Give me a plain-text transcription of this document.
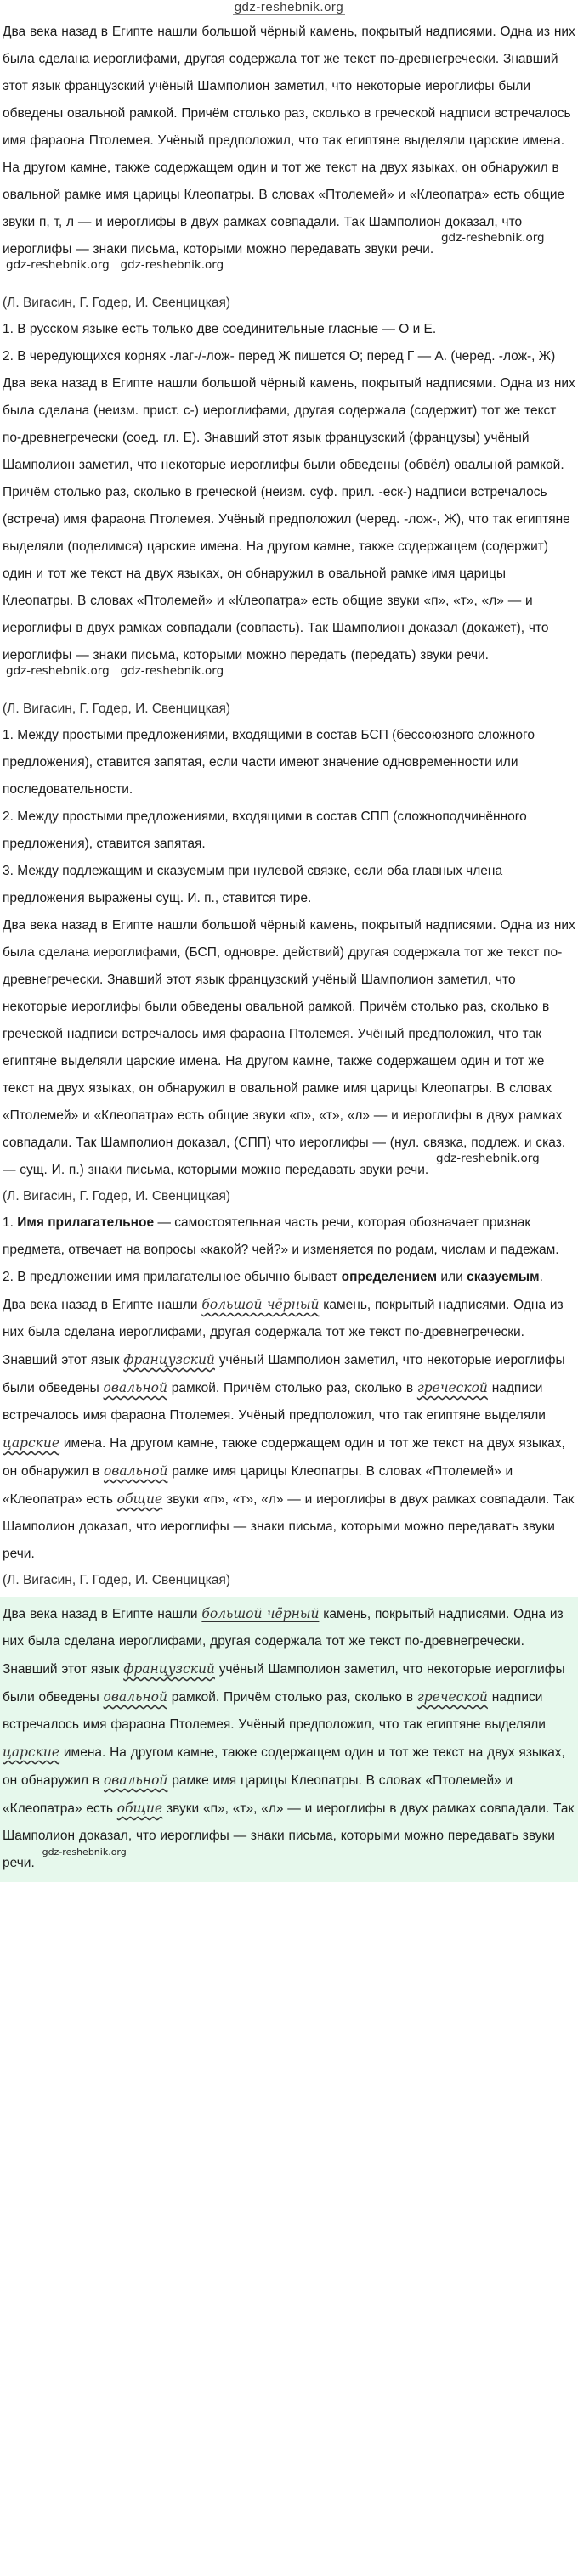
gdz-reshebnik.org

Два века назад в Египте нашли большой чёрный камень, покрытый надписями. Одна из них была сделана иероглифами, другая содержала тот же текст по-древнегречески. Знавший этот язык французский учёный Шамполион заметил, что некоторые иероглифы были обведены овальной рамкой. Причём столько раз, сколько в греческой надписи встречалось имя фараона Птолемея. Учёный предположил, что так египтяне выделяли царские имена. На другом камне, также содержащем один и тот же текст на двух языках, он обнаружил в овальной рамке имя царицы Клеопатры. В словах «Птолемей» и «Клеопатра» есть общие звуки п, т, л — и иероглифы в двух рамках совпадали. Так Шамполион доказал, что иероглифы — знаки письма, которыми можно передавать звуки речи. gdz-reshebnik.org gdz-reshebnik.org gdz-reshebnik.org

(Л. Вигасин, Г. Годер, И. Свенцицкая)

1. В русском языке есть только две соединительные гласные — О и Е.

2. В чередующихся корнях -лаг-/-лож- перед Ж пишется О; перед Г — А. (черед. -лож-, Ж)

Два века назад в Египте нашли большой чёрный камень, покрытый надписями. Одна из них была сделана (неизм. прист. с-) иероглифами, другая содержала (содержит) тот же текст по-древнегречески (соед. гл. Е). Знавший этот язык французский (французы) учёный Шамполион заметил, что некоторые иероглифы были обведены (обвёл) овальной рамкой. Причём столько раз, сколько в греческой (неизм. суф. прил. -еск-) надписи встречалось (встреча) имя фараона Птолемея. Учёный предположил (черед. -лож-, Ж), что так египтяне выделяли (поделимся) царские имена. На другом камне, также содержащем (содержит) один и тот же текст на двух языках, он обнаружил в овальной рамке имя царицы Клеопатры. В словах «Птолемей» и «Клеопатра» есть общие звуки «п», «т», «л» — и иероглифы в двух рамках совпадали (совпасть). Так Шамполион доказал (докажет), что иероглифы — знаки письма, которыми можно передать (передать) звуки речи. gdz-reshebnik.org gdz-reshebnik.org

(Л. Вигасин, Г. Годер, И. Свенцицкая)

1. Между простыми предложениями, входящими в состав БСП (бессоюзного сложного предложения), ставится запятая, если части имеют значение одновременности или последовательности.

2. Между простыми предложениями, входящими в состав СПП (сложноподчинённого предложения), ставится запятая.

3. Между подлежащим и сказуемым при нулевой связке, если оба главных члена предложения выражены сущ. И. п., ставится тире.

Два века назад в Египте нашли большой чёрный камень, покрытый надписями. Одна из них была сделана иероглифами, (БСП, одновре. действий) другая содержала тот же текст по-древнегречески. Знавший этот язык французский учёный Шамполион заметил, что некоторые иероглифы были обведены овальной рамкой. Причём столько раз, сколько в греческой надписи встречалось имя фараона Птолемея. Учёный предположил, что так египтяне выделяли царские имена. На другом камне, также содержащем один и тот же текст на двух языках, он обнаружил в овальной рамке имя царицы Клеопатры. В словах «Птолемей» и «Клеопатра» есть общие звуки «п», «т», «л» — и иероглифы в двух рамках совпадали. Так Шамполион доказал, (СПП) что иероглифы — (нул. связка, подлеж. и сказ. — сущ. И. п.) знаки письма, которыми можно передавать звуки речи. gdz-reshebnik.org

(Л. Вигасин, Г. Годер, И. Свенцицкая)

1. Имя прилагательное — самостоятельная часть речи, которая обозначает признак предмета, отвечает на вопросы «какой? чей?» и изменяется по родам, числам и падежам.

2. В предложении имя прилагательное обычно бывает определением или сказуемым.

Два века назад в Египте нашли большой чёрный камень, покрытый надписями. Одна из них была сделана иероглифами, другая содержала тот же текст по-древнегречески. Знавший этот язык французский учёный Шамполион заметил, что некоторые иероглифы были обведены овальной рамкой. Причём столько раз, сколько в греческой надписи встречалось имя фараона Птолемея. Учёный предположил, что так египтяне выделяли царские имена. На другом камне, также содержащем один и тот же текст на двух языках, он обнаружил в овальной рамке имя царицы Клеопатры. В словах «Птолемей» и «Клеопатра» есть общие звуки «п», «т», «л» — и иероглифы в двух рамках совпадали. Так Шамполион доказал, что иероглифы — знаки письма, которыми можно передавать звуки речи.

(Л. Вигасин, Г. Годер, И. Свенцицкая)

Два века назад в Египте нашли большой чёрный камень, покрытый надписями. Одна из них была сделана иероглифами, другая содержала тот же текст по-древнегречески. Знавший этот язык французский учёный Шамполион заметил, что некоторые иероглифы были обведены овальной рамкой. Причём столько раз, сколько в греческой надписи встречалось имя фараона Птолемея. Учёный предположил, что так египтяне выделяли царские имена. На другом камне, также содержащем один и тот же текст на двух языках, он обнаружил в овальной рамке имя царицы Клеопатры. В словах «Птолемей» и «Клеопатра» есть общие звуки «п», «т», «л» — и иероглифы в двух рамках совпадали. Так Шамполион доказал, что иероглифы — знаки письма, которыми можно передавать звуки речи. gdz-reshebnik.org
